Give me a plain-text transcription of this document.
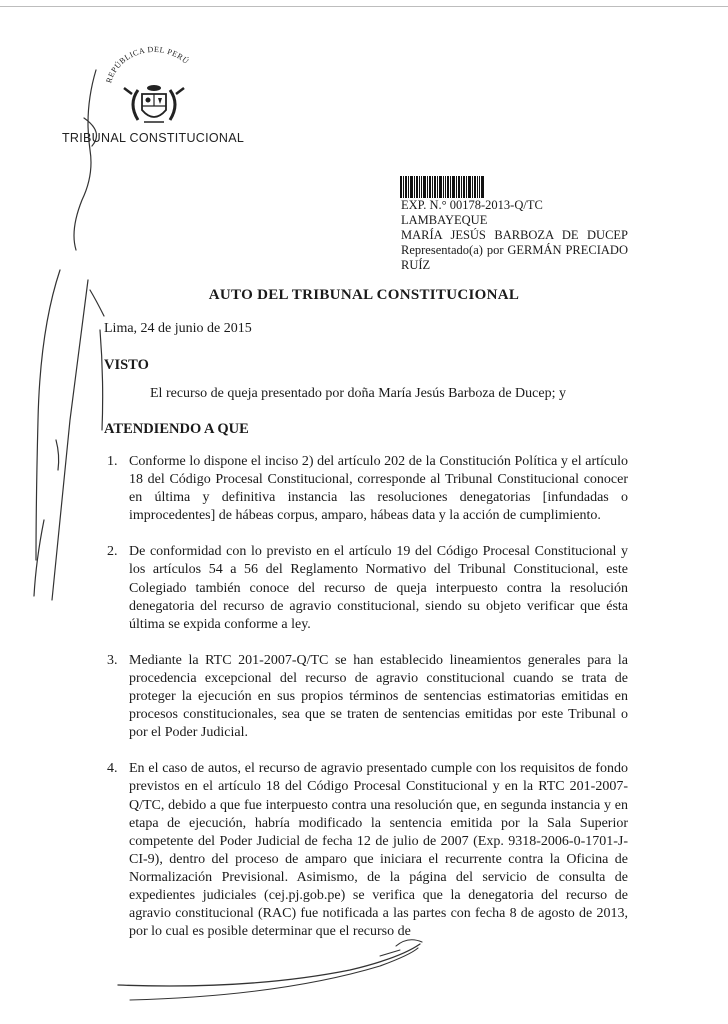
REPÚBLICA DEL PERÚ
TRIBUNAL CONSTITUCIONAL
EXP. N.° 00178-2013-Q/TC
LAMBAYEQUE
MARÍA JESÚS BARBOZA DE DUCEP
Representado(a) por GERMÁN PRECIADO
RUÍZ
AUTO DEL TRIBUNAL CONSTITUCIONAL
Lima, 24 de junio de 2015
VISTO
El recurso de queja presentado por doña María Jesús Barboza de Ducep; y
ATENDIENDO A QUE
1. Conforme lo dispone el inciso 2) del artículo 202 de la Constitución Política y el artículo 18 del Código Procesal Constitucional, corresponde al Tribunal Constitucional conocer en última y definitiva instancia las resoluciones denegatorias [infundadas o improcedentes] de hábeas corpus, amparo, hábeas data y la acción de cumplimiento.
2. De conformidad con lo previsto en el artículo 19 del Código Procesal Constitucional y los artículos 54 a 56 del Reglamento Normativo del Tribunal Constitucional, este Colegiado también conoce del recurso de queja interpuesto contra la resolución denegatoria del recurso de agravio constitucional, siendo su objeto verificar que ésta última se expida conforme a ley.
3. Mediante la RTC 201-2007-Q/TC se han establecido lineamientos generales para la procedencia excepcional del recurso de agravio constitucional cuando se trata de proteger la ejecución en sus propios términos de sentencias estimatorias emitidas en procesos constitucionales, sea que se traten de sentencias emitidas por este Tribunal o por el Poder Judicial.
4. En el caso de autos, el recurso de agravio presentado cumple con los requisitos de fondo previstos en el artículo 18 del Código Procesal Constitucional y en la RTC 201-2007-Q/TC, debido a que fue interpuesto contra una resolución que, en segunda instancia y en etapa de ejecución, habría modificado la sentencia emitida por la Sala Superior competente del Poder Judicial de fecha 12 de julio de 2007 (Exp. 9318-2006-0-1701-J-CI-9), dentro del proceso de amparo que iniciara el recurrente contra la Oficina de Normalización Previsional. Asimismo, de la página del servicio de consulta de expedientes judiciales (cej.pj.gob.pe) se verifica que la denegatoria del recurso de agravio constitucional (RAC) fue notificada a las partes con fecha 8 de agosto de 2013, por lo cual es posible determinar que el recurso de
